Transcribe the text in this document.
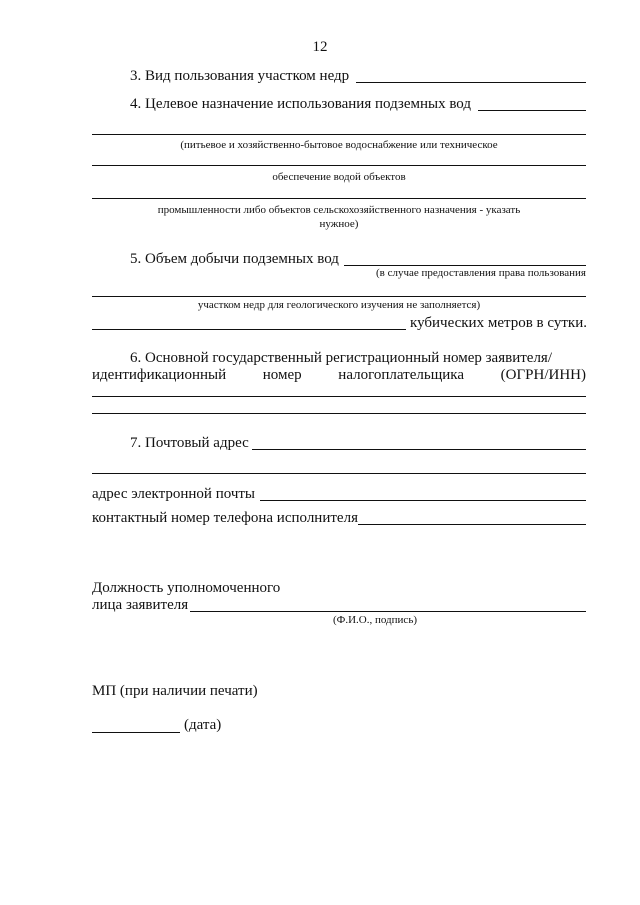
12
3. Вид пользования участком недр
4. Целевое назначение использования подземных вод
(питьевое и хозяйственно-бытовое водоснабжение или техническое
обеспечение водой объектов
промышленности либо объектов сельскохозяйственного назначения - указать
нужное)
5. Объем добычи подземных вод
(в случае предоставления права пользования
участком недр для геологического изучения не заполняется)
кубических метров в сутки.
6. Основной государственный регистрационный номер заявителя/
идентификационный номер налогоплательщика (ОГРН/ИНН)
7. Почтовый адрес
адрес электронной почты
контактный номер телефона исполнителя
Должность уполномоченного
лица заявителя
(Ф.И.О., подпись)
МП (при наличии печати)
(дата)
